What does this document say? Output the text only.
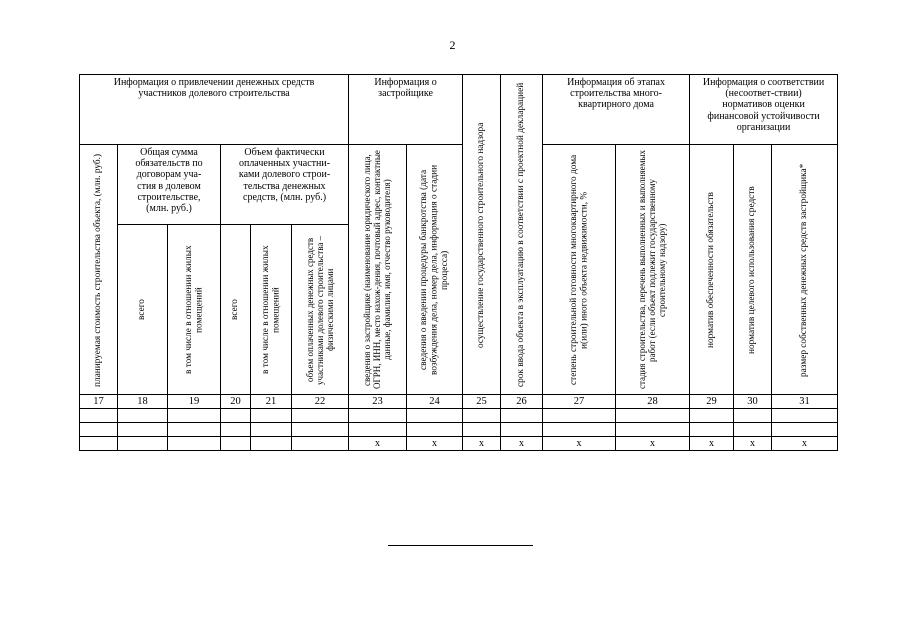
2
Информация о привлечении денежных средств участников долевого строительства						Информация о застройщике		осуществление государственного строительного надзора	срок ввода объекта в эксплуатацию в соответствии с проектной декларацией	Информация об этапах строительства много-квартирного дома		Информация о соответствии (несоответ-ствии) нормативов оценки финансовой устойчивости организации		

планируемая стоимость строительства объекта, (млн. руб.)	Общая сумма обязательств по договорам уча-стия в долевом строительстве, (млн. руб.)		Объем фактически оплаченных участни-ками долевого строи-тельства денежных средств, (млн. руб.)			сведения о застройщике (наименование юридического лица, ОГРН, ИНН, место нахож-дения, почтовый адрес, контактные данные, фамилия, имя, отчество руководителя)	сведения о введении процедуры банкротства (дата возбуждения дела, номер дела, информация о стадии процесса)			степень строительной готовности многоквартирного дома и(или) иного объекта недвижимости, %	стадия строительства, перечень выполненных и выполняемых работ (если объект подлежит государственному строительному надзору)	норматив обеспеченности обязательств	норматив целевого использования средств	размер собственных денежных средств застройщика*

	всего	в том числе в отношении жилых помещений	всего	в том числе в отношении жилых помещений	объем оплаченных денежных средств участниками долевого строительства – физическими лицами									

17	18	19	20	21	22	23	24	25	26	27	28	29	30	31

						x	x	x	x	x	x	x	x	x
